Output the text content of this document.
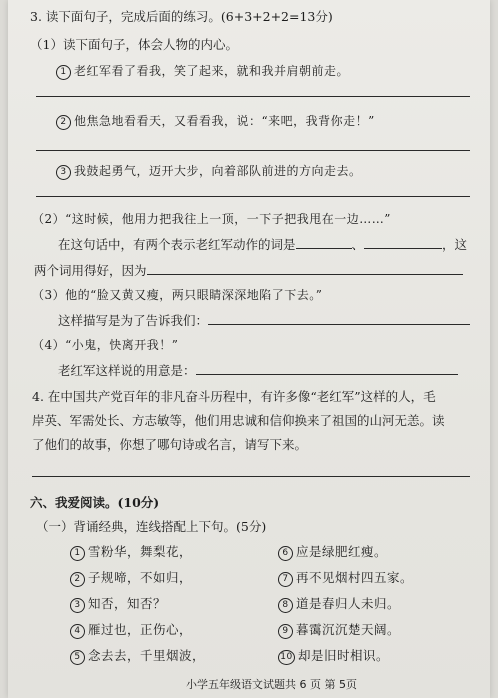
3. 读下面句子，完成后面的练习。(6+3+2+2=13分)
（1）读下面句子，体会人物的内心。
1 老红军看了看我，笑了起来，就和我并肩朝前走。
2 他焦急地看看天，又看看我，说：“来吧，我背你走！”
3 我鼓起勇气，迈开大步，向着部队前进的方向走去。
（2）“这时候，他用力把我往上一顶，一下子把我甩在一边……”
在这句话中，有两个表示老红军动作的词是	、	，这
两个词用得好，因为
（3）他的“脸又黄又瘦，两只眼睛深深地陷了下去。”
这样描写是为了告诉我们：
（4）“小鬼，快离开我！”
老红军这样说的用意是：
4. 在中国共产党百年的非凡奋斗历程中，有许多像“老红军”这样的人，毛
岸英、军需处长、方志敏等，他们用忠诚和信仰换来了祖国的山河无恙。读
了他们的故事，你想了哪句诗或名言，请写下来。
六、我爱阅读。(10分)
（一）背诵经典，连线搭配上下句。(5分)
1 雪粉华，舞梨花，
2 子规啼，不如归，
3 知否，知否？
4 雁过也，正伤心，
5 念去去，千里烟波，
6 应是绿肥红瘦。
7 再不见烟村四五家。
8 道是春归人未归。
9 暮霭沉沉楚天阔。
10 却是旧时相识。
小学五年级语文试题共 6 页 第 5页
